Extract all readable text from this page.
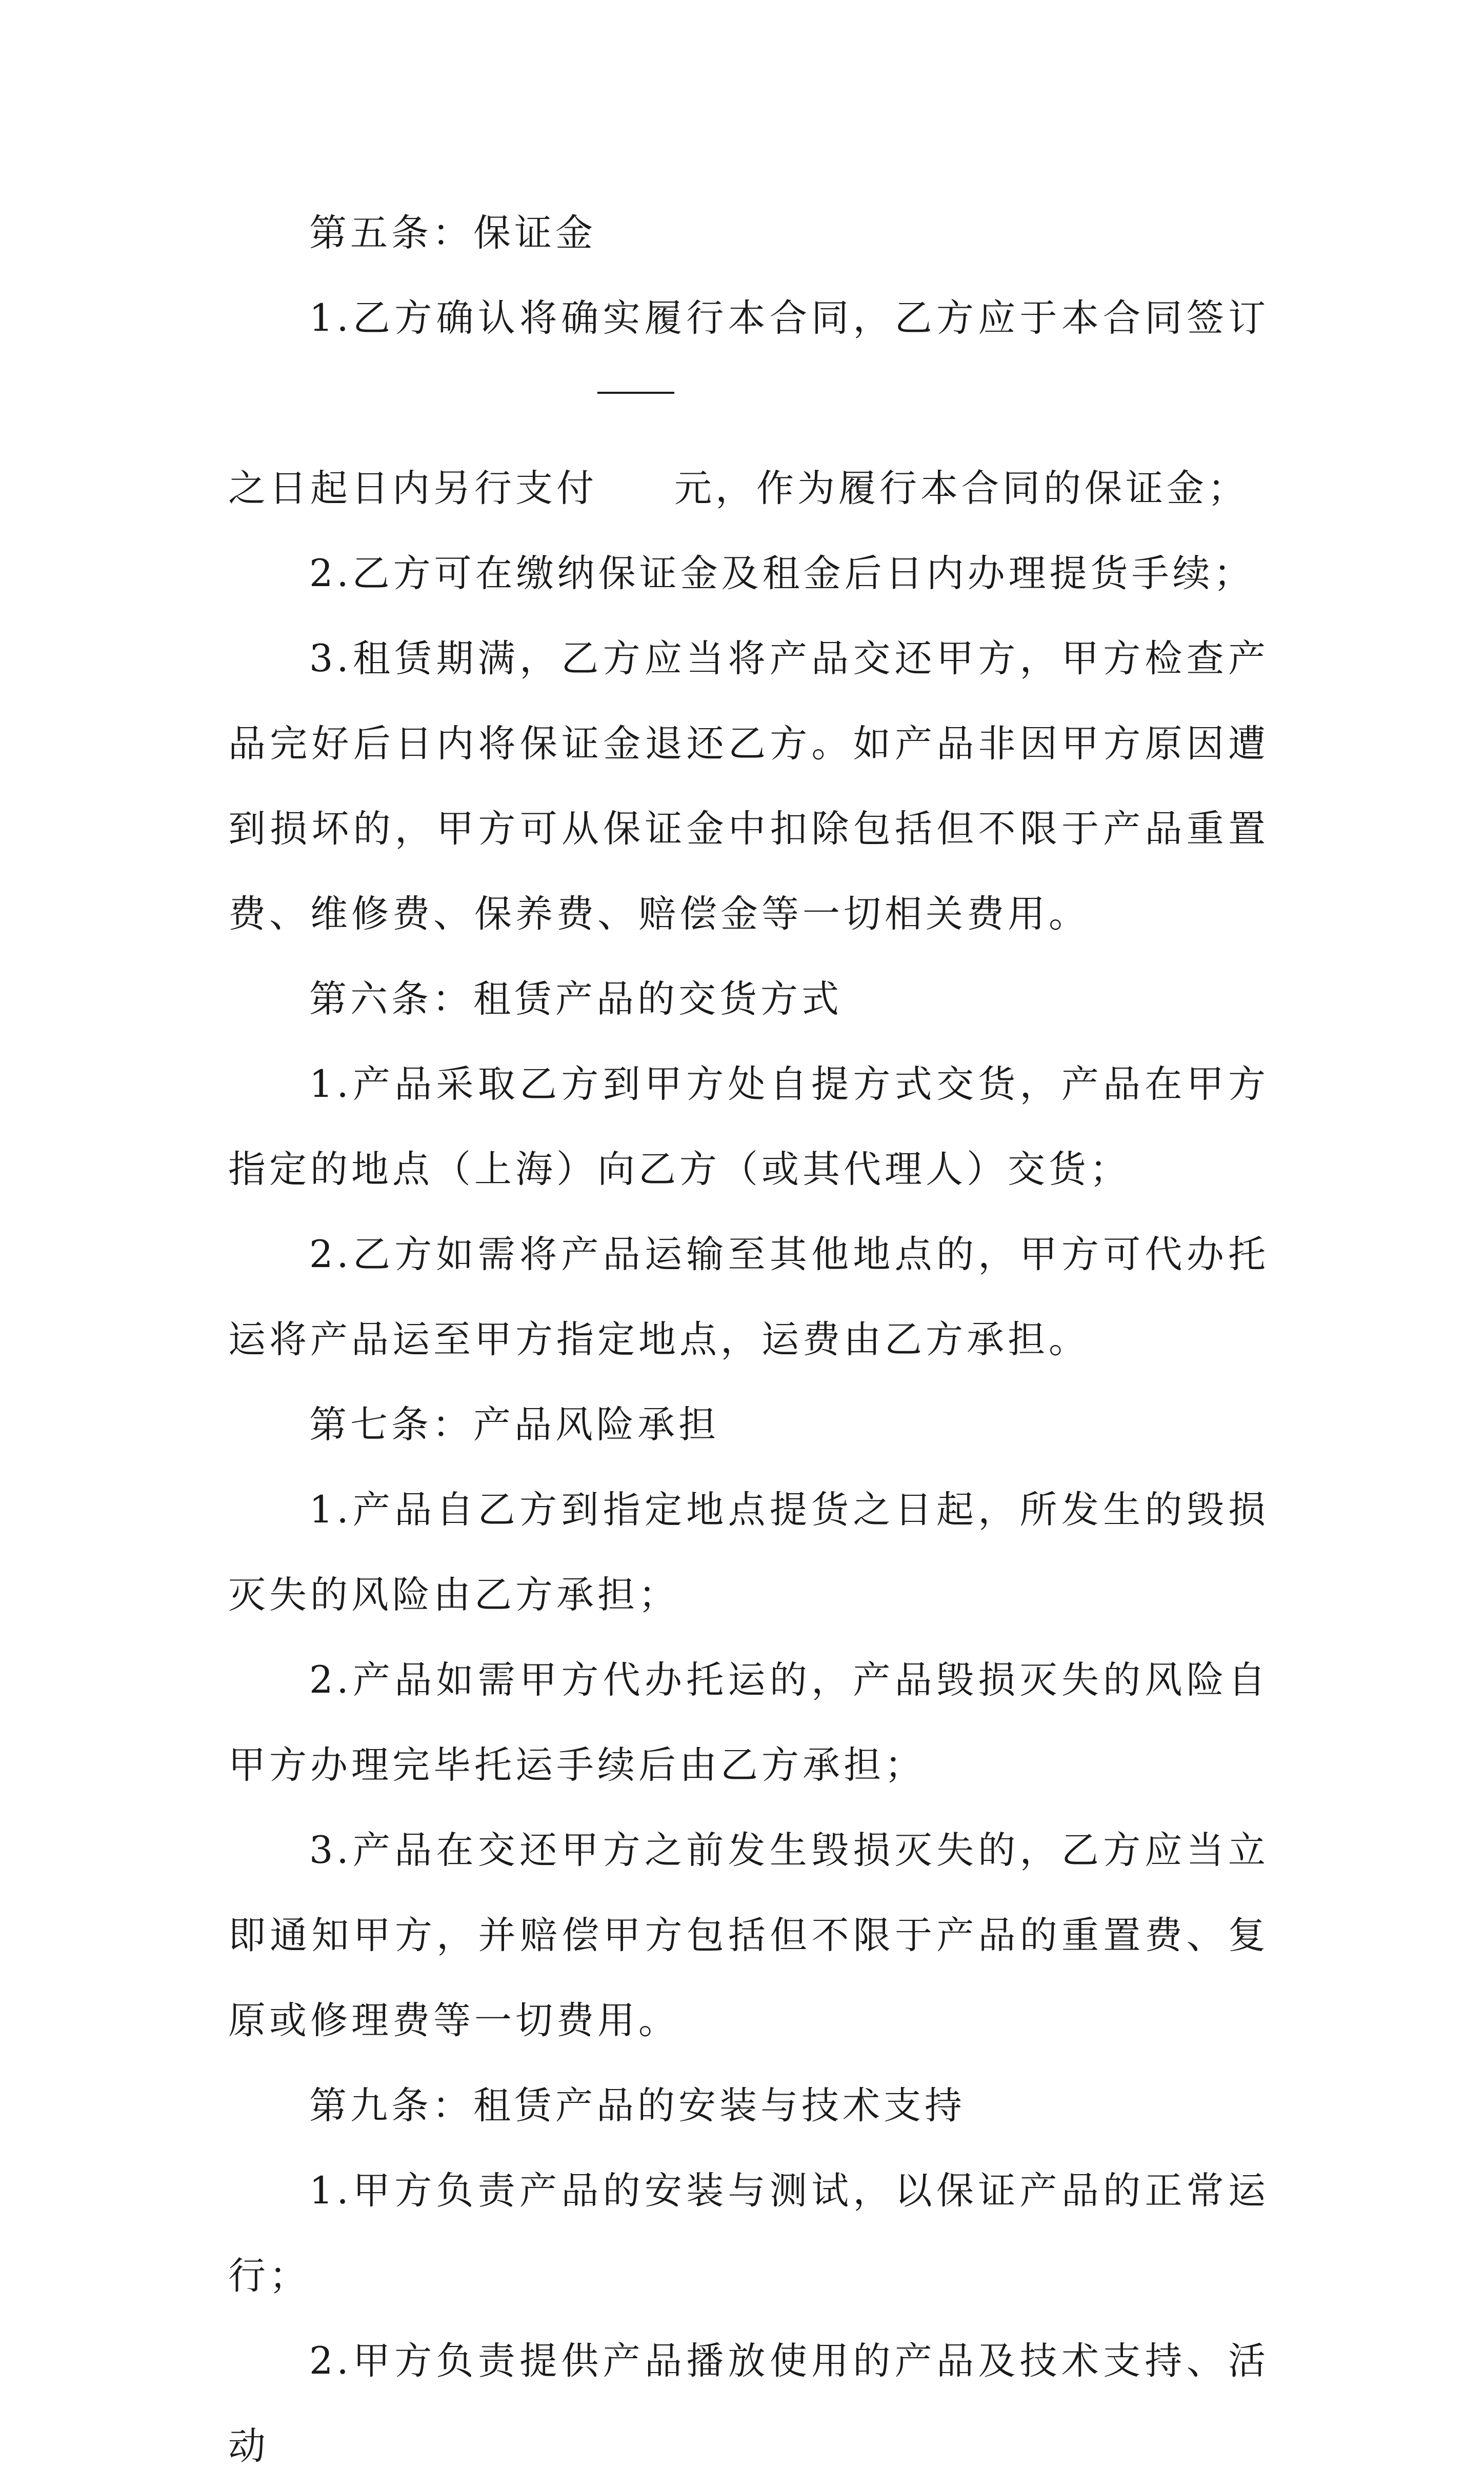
第五条：保证金

1.乙方确认将确实履行本合同，乙方应于本合同签订之日起日内另行支付 元，作为履行本合同的保证金；

2.乙方可在缴纳保证金及租金后日内办理提货手续；

3.租赁期满，乙方应当将产品交还甲方，甲方检查产品完好后日内将保证金退还乙方。如产品非因甲方原因遭到损坏的，甲方可从保证金中扣除包括但不限于产品重置费、维修费、保养费、赔偿金等一切相关费用。

第六条：租赁产品的交货方式

1.产品采取乙方到甲方处自提方式交货，产品在甲方指定的地点（上海）向乙方（或其代理人）交货；

2.乙方如需将产品运输至其他地点的，甲方可代办托运将产品运至甲方指定地点，运费由乙方承担。

第七条：产品风险承担

1.产品自乙方到指定地点提货之日起，所发生的毁损灭失的风险由乙方承担；

2.产品如需甲方代办托运的，产品毁损灭失的风险自甲方办理完毕托运手续后由乙方承担；

3.产品在交还甲方之前发生毁损灭失的，乙方应当立即通知甲方，并赔偿甲方包括但不限于产品的重置费、复原或修理费等一切费用。

第九条：租赁产品的安装与技术支持

1.甲方负责产品的安装与测试，以保证产品的正常运行；

2.甲方负责提供产品播放使用的产品及技术支持、活动
